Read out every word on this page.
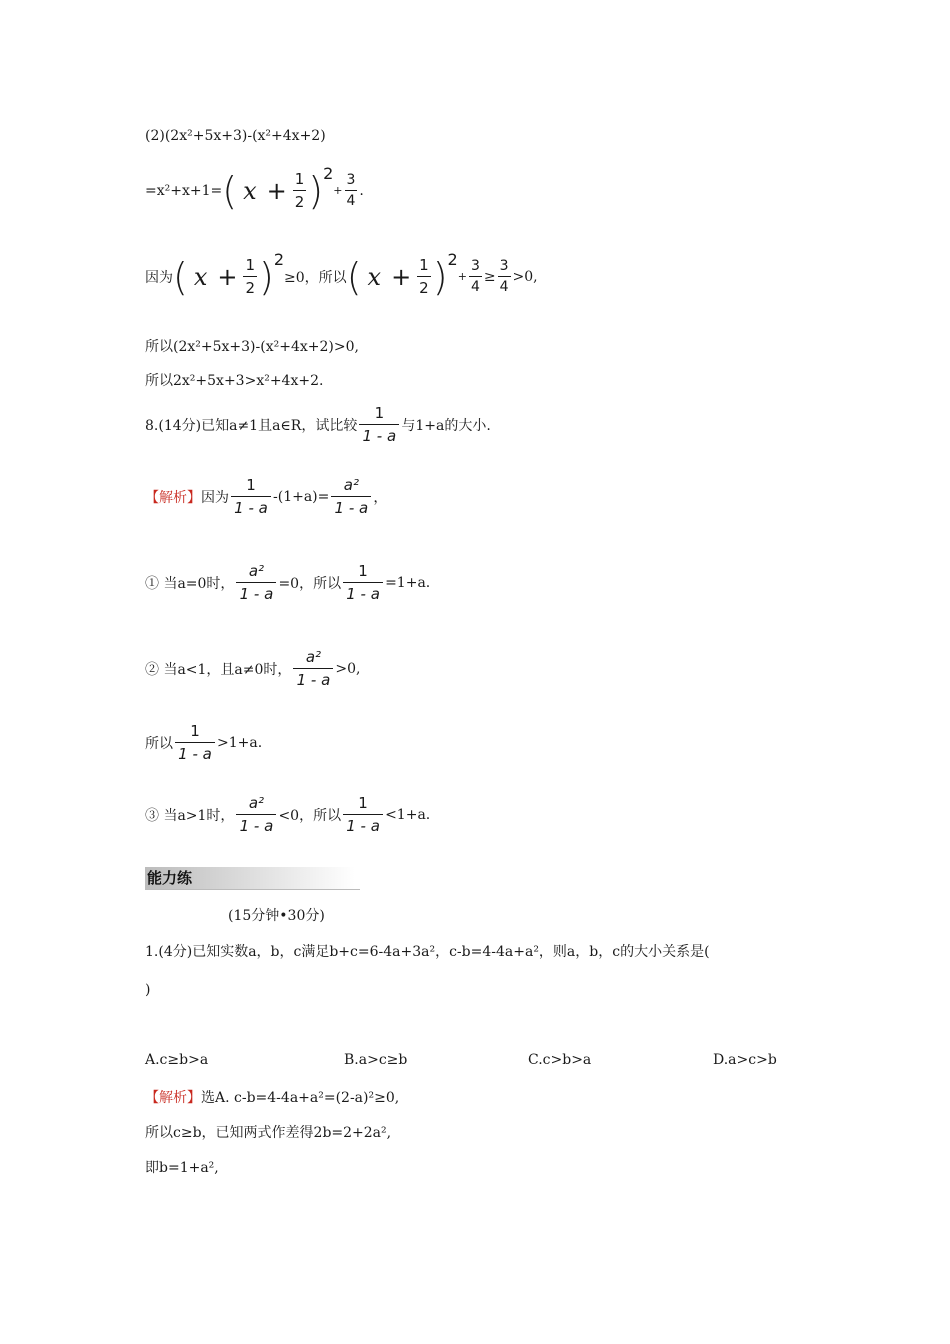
(2)(2x²+5x+3)-(x²+4x+2)
=x²+x+1= ( $x + \frac{1}{2}$ ) 2
+ $\frac{3}{4}$ .
因为 ( $x + \frac{1}{2}$ ) 2
≥0，所以 ( $x + \frac{1}{2}$ ) 2
+ $\frac{3}{4} \ge \frac{3}{4} >0$,
所以(2x²+5x+3)-(x²+4x+2)>0,
所以2x²+5x+3>x²+4x+2.
8.(14分)已知a≠1且a∈R，试比较 $\frac{1}{1 - a}$ 与1+a的大小.
【解析】 因为 $\frac{1}{1 - a} -(1+a)= \frac{\text{a²}}{1 - a}$ ，
① 当a=0时， $\frac{\text{a²}}{1 - a} =0$，所以 $\frac{1}{1 - a} =1+a$.
② 当a<1，且a≠0时， $\frac{\text{a²}}{1 - a} >0$,
所以 $\frac{1}{1 - a} >1+a$.
③ 当a>1时， $\frac{\text{a²}}{1 - a} <0$，所以 $\frac{1}{1 - a} <1+a$.
能力练
(15分钟•30分)
1.(4分)已知实数a，b，c满足b+c=6-4a+3a²，c-b=4-4a+a²，则a，b，c的大小关系是(
)
A.c≥b>a	B.a>c≥b	C.c>b>a	D.a>c>b
【解析】 选A. c-b=4-4a+a²=(2-a)²≥0,
所以c≥b，已知两式作差得2b=2+2a²,
即b=1+a²,
